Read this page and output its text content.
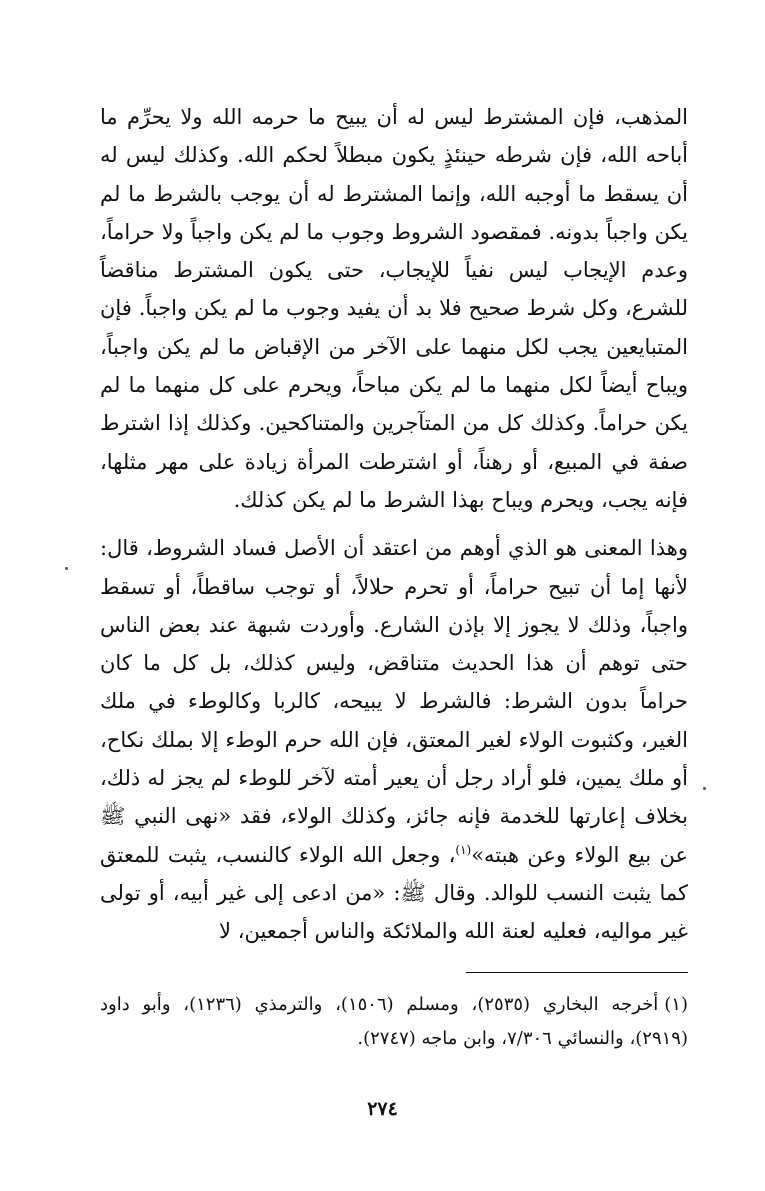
المذهب، فإن المشترط ليس له أن يبيح ما حرمه الله ولا يحرِّم ما أباحه الله، فإن شرطه حينئذٍ يكون مبطلاً لحكم الله. وكذلك ليس له أن يسقط ما أوجبه الله، وإنما المشترط له أن يوجب بالشرط ما لم يكن واجباً بدونه. فمقصود الشروط وجوب ما لم يكن واجباً ولا حراماً، وعدم الإيجاب ليس نفياً للإيجاب، حتى يكون المشترط مناقضاً للشرع، وكل شرط صحيح فلا بد أن يفيد وجوب ما لم يكن واجباً. فإن المتبايعين يجب لكل منهما على الآخر من الإقباض ما لم يكن واجباً، ويباح أيضاً لكل منهما ما لم يكن مباحاً، ويحرم على كل منهما ما لم يكن حراماً. وكذلك كل من المتآجرين والمتناكحين. وكذلك إذا اشترط صفة في المبيع، أو رهناً، أو اشترطت المرأة زيادة على مهر مثلها، فإنه يجب، ويحرم ويباح بهذا الشرط ما لم يكن كذلك.

وهذا المعنى هو الذي أوهم من اعتقد أن الأصل فساد الشروط، قال: لأنها إما أن تبيح حراماً، أو تحرم حلالاً، أو توجب ساقطاً، أو تسقط واجباً، وذلك لا يجوز إلا بإذن الشارع. وأوردت شبهة عند بعض الناس حتى توهم أن هذا الحديث متناقض، وليس كذلك، بل كل ما كان حراماً بدون الشرط: فالشرط لا يبيحه، كالربا وكالوطء في ملك الغير، وكثبوت الولاء لغير المعتق، فإن الله حرم الوطء إلا بملك نكاح، أو ملك يمين، فلو أراد رجل أن يعير أمته لآخر للوطء لم يجز له ذلك، بخلاف إعارتها للخدمة فإنه جائز، وكذلك الولاء، فقد «نهى النبي ﷺ عن بيع الولاء وعن هبته»$^{(١)}$، وجعل الله الولاء كالنسب، يثبت للمعتق كما يثبت النسب للوالد. وقال ﷺ: «من ادعى إلى غير أبيه، أو تولى غير مواليه، فعليه لعنة الله والملائكة والناس أجمعين، لا

(١)أخرجه البخاري (٢٥٣٥)، ومسلم (١٥٠٦)، والترمذي (١٢٣٦)، وأبو داود (٢٩١٩)، والنسائي ٧/٣٠٦، وابن ماجه (٢٧٤٧).
٢٧٤
